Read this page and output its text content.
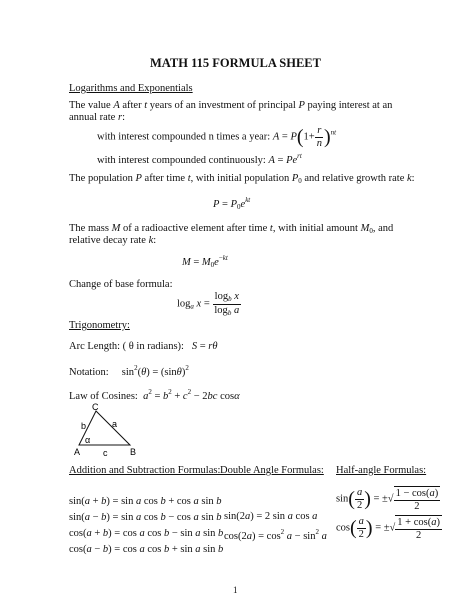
MATH 115 FORMULA SHEET
Logarithms and Exponentials
The value A after t years of an investment of principal P paying interest at an annual rate r:
with interest compounded n times a year: $A = P(1+ \frac{r}{n} )^{nt}$
with interest compounded continuously: $A = Pe^{rt}$
The population P after time t, with initial population $P_0$ and relative growth rate k:
$P = P_0e^{kt}$
The mass M of a radioactive element after time t, with initial amount $M_0$, and relative decay rate k:
$M = M_0e^{-kt}$
Change of base formula:
$\log_a x = \frac{\log_b x}{\log_b a}$
Trigonometry:
Arc Length: ( θ in radians): S = rθ
Notation:     $\sin^2(\theta) = (\sin\theta)^2$
Law of Cosines: $a^2 = b^2 + c^2 - 2bc$ cosα
C
A	B
b	a
c
α
Addition and Subtraction Formulas: Double Angle Formulas: Half-angle Formulas:
sin(a + b) = sin a cos b + cos a sin b
sin(a − b) = sin a cos b − cos a sin b
cos(a + b) = cos a cos b − sin a sin b
cos(a − b) = cos a cos b + sin a sin b
sin(2a) = 2 sin a cos a
$\cos(2a) = \cos^2 a - \sin^2 a$
$\sin( \frac{a}{2}$ ) = ±√ $\frac{1 - \cos(a)}{2}$
$\cos( \frac{a}{2}$ ) = ±√ $\frac{1 + \cos(a)}{2}$
1
